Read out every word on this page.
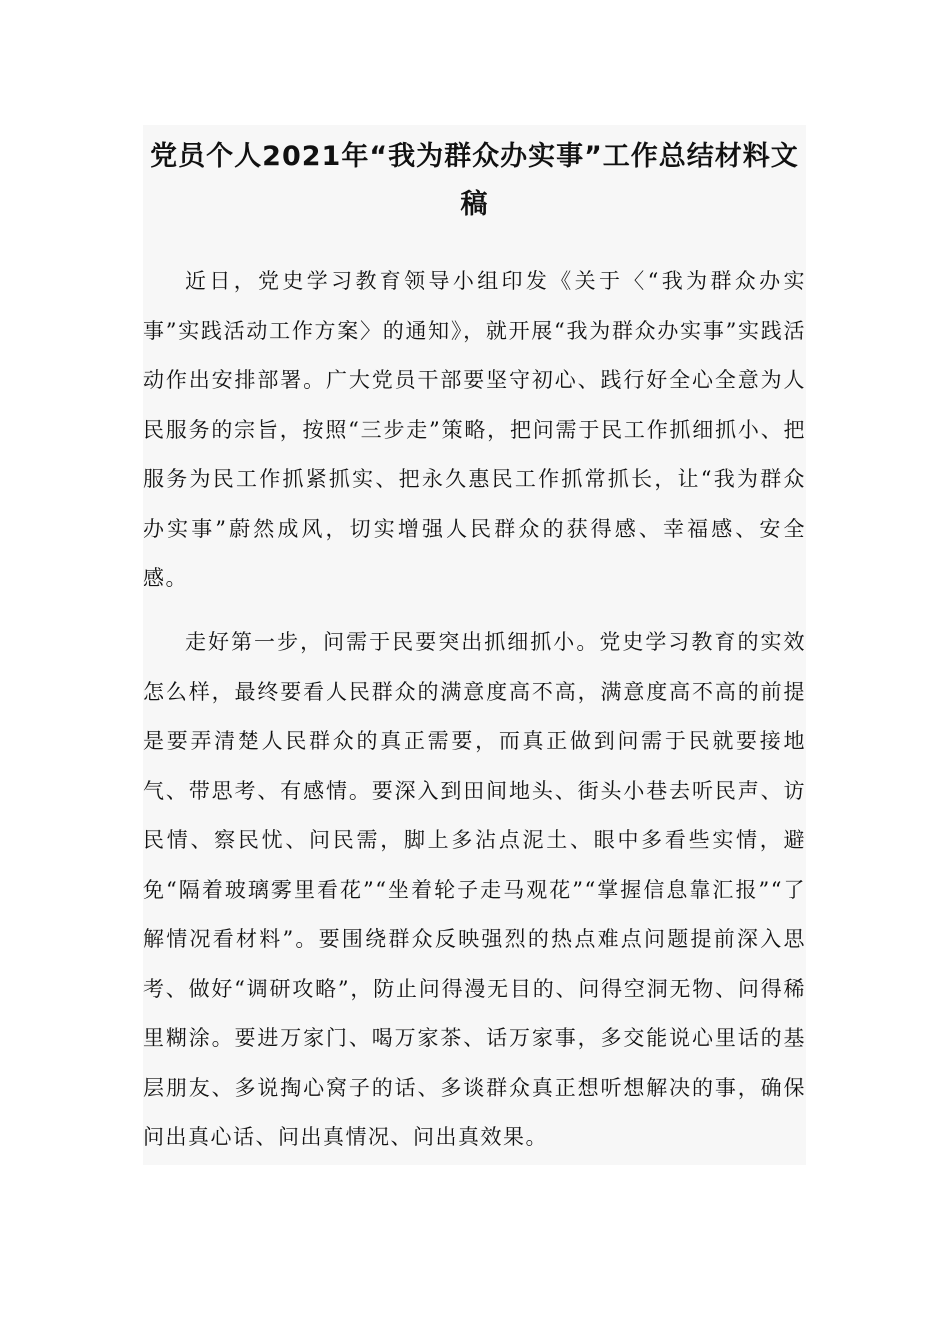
党员个人2021年“我为群众办实事”工作总结材料文稿

近日，党史学习教育领导小组印发《关于〈“我为群众办实事”实践活动工作方案〉的通知》，就开展“我为群众办实事”实践活动作出安排部署。广大党员干部要坚守初心、践行好全心全意为人民服务的宗旨，按照“三步走”策略，把问需于民工作抓细抓小、把服务为民工作抓紧抓实、把永久惠民工作抓常抓长，让“我为群众办实事”蔚然成风，切实增强人民群众的获得感、幸福感、安全感。

走好第一步，问需于民要突出抓细抓小。党史学习教育的实效怎么样，最终要看人民群众的满意度高不高，满意度高不高的前提是要弄清楚人民群众的真正需要，而真正做到问需于民就要接地气、带思考、有感情。要深入到田间地头、街头小巷去听民声、访民情、察民忧、问民需，脚上多沾点泥土、眼中多看些实情，避免“隔着玻璃雾里看花”“坐着轮子走马观花”“掌握信息靠汇报”“了解情况看材料”。要围绕群众反映强烈的热点难点问题提前深入思考、做好“调研攻略”，防止问得漫无目的、问得空洞无物、问得稀里糊涂。要进万家门、喝万家茶、话万家事，多交能说心里话的基层朋友、多说掏心窝子的话、多谈群众真正想听想解决的事，确保问出真心话、问出真情况、问出真效果。
